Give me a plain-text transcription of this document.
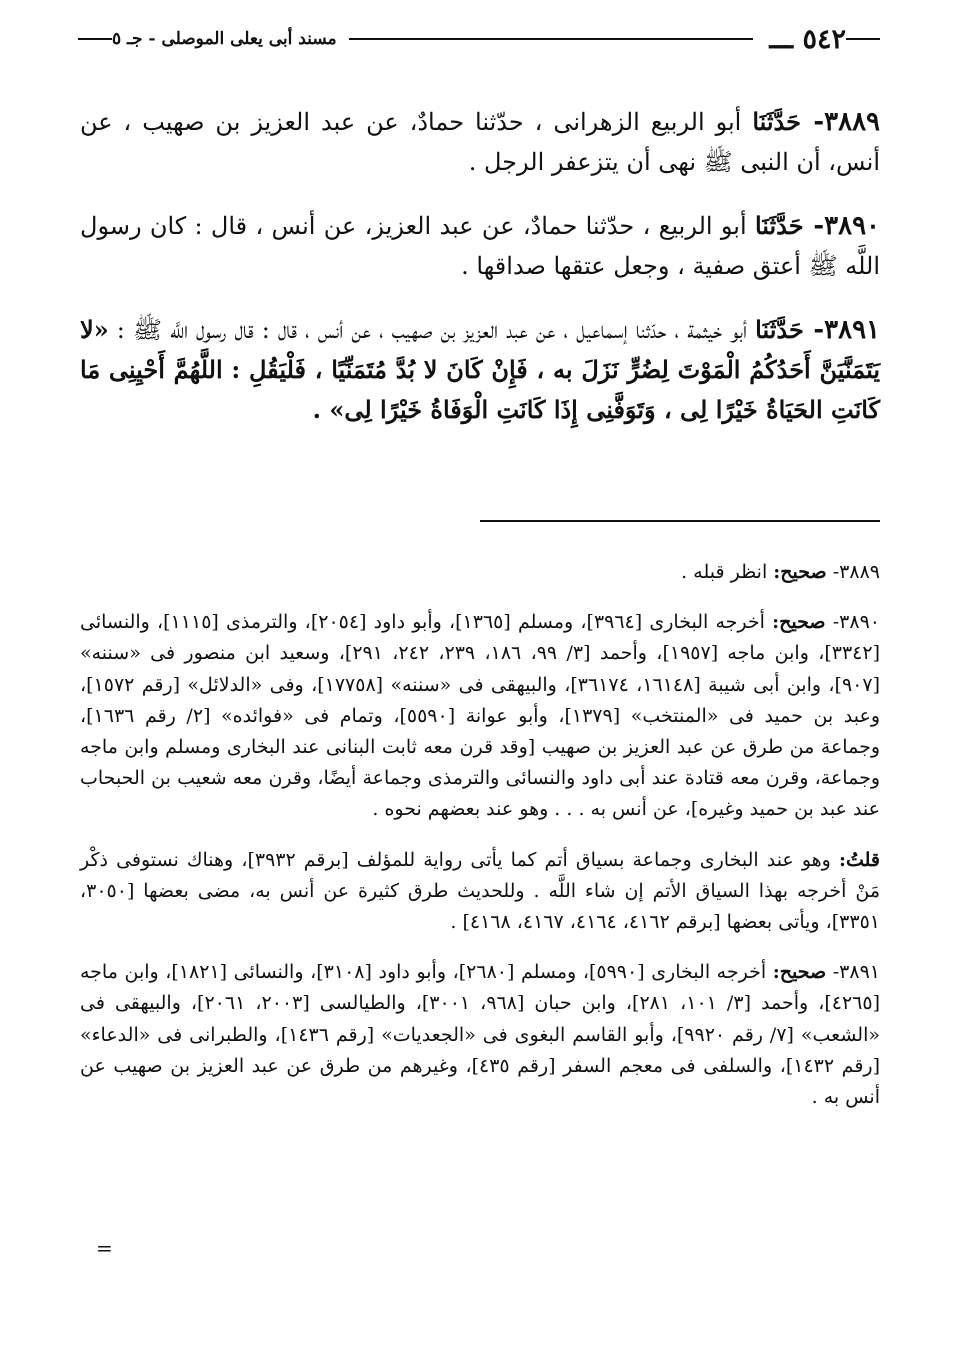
٥٤٢ ـــ
مسند أبى يعلى الموصلى - جـ ٥

٣٨٨٩- حَدَّثَنَا أبو الربيع الزهرانى ، حدّثنا حمادٌ، عن عبد العزيز بن صهيب ، عن أنس، أن النبى ﷺ نهى أن يتزعفر الرجل .

٣٨٩٠- حَدَّثَنَا أبو الربيع ، حدّثنا حمادٌ، عن عبد العزيز، عن أنس ، قال : كان رسول اللَّه ﷺ أعتق صفية ، وجعل عتقها صداقها .

٣٨٩١- حَدَّثَنَا أبو خيثمة ، حدّثنا إسماعيل ، عن عبد العزيز بن صهيب ، عن أنس ، قال : قال رسول اللَّه ﷺ : «لا يَتَمَنَّيَنَّ أَحَدُكُمُ الْمَوْتَ لِضُرٍّ نَزَلَ به ، فَإِنْ كَانَ لا بُدَّ مُتَمَنِّيًا ، فَلْيَقُلِ : اللَّهُمَّ أَحْيِنِى مَا كَانَتِ الحَيَاةُ خَيْرًا لِى ، وَتَوَفَّنِى إِذَا كَانَتِ الْوَفَاةُ خَيْرًا لِى» .

٣٨٨٩- صحيح: انظر قبله .

٣٨٩٠- صحيح: أخرجه البخارى [٣٩٦٤]، ومسلم [١٣٦٥]، وأبو داود [٢٠٥٤]، والترمذى [١١١٥]، والنسائى [٣٣٤٢]، وابن ماجه [١٩٥٧]، وأحمد [٣/ ٩٩، ١٨٦، ٢٣٩، ٢٤٢، ٢٩١]، وسعيد ابن منصور فى «سننه» [٩٠٧]، وابن أبى شيبة [١٦١٤٨، ٣٦١٧٤]، والبيهقى فى «سننه» [١٧٧٥٨]، وفى «الدلائل» [رقم ١٥٧٢]، وعبد بن حميد فى «المنتخب» [١٣٧٩]، وأبو عوانة [٥٥٩٠]، وتمام فى «فوائده» [٢/ رقم ١٦٣٦]، وجماعة من طرق عن عبد العزيز بن صهيب [وقد قرن معه ثابت البنانى عند البخارى ومسلم وابن ماجه وجماعة، وقرن معه قتادة عند أبى داود والنسائى والترمذى وجماعة أيضًا، وقرن معه شعيب بن الحبحاب عند عبد بن حميد وغيره]، عن أنس به . . . وهو عند بعضهم نحوه .

قلتُ: وهو عند البخارى وجماعة بسياق أتم كما يأتى رواية للمؤلف [برقم ٣٩٣٢]، وهناك نستوفى ذكْر مَنْ أخرجه بهذا السياق الأتم إن شاء اللَّه . وللحديث طرق كثيرة عن أنس به، مضى بعضها [٣٠٥٠، ٣٣٥١]، ويأتى بعضها [برقم ٤١٦٢، ٤١٦٤، ٤١٦٧، ٤١٦٨] .

٣٨٩١- صحيح: أخرجه البخارى [٥٩٩٠]، ومسلم [٢٦٨٠]، وأبو داود [٣١٠٨]، والنسائى [١٨٢١]، وابن ماجه [٤٢٦٥]، وأحمد [٣/ ١٠١، ٢٨١]، وابن حبان [٩٦٨، ٣٠٠١]، والطيالسى [٢٠٠٣، ٢٠٦١]، والبيهقى فى «الشعب» [٧/ رقم ٩٩٢٠]، وأبو القاسم البغوى فى «الجعديات» [رقم ١٤٣٦]، والطبرانى فى «الدعاء» [رقم ١٤٣٢]، والسلفى فى معجم السفر [رقم ٤٣٥]، وغيرهم من طرق عن عبد العزيز بن صهيب عن أنس به .

=
